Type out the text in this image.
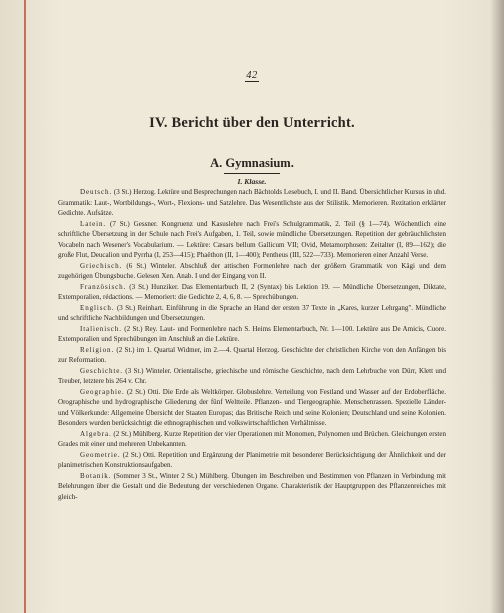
42
IV. Bericht über den Unterricht.
A. Gymnasium.
I. Klasse.

Deutsch. (3 St.) Herzog. Lektüre und Besprechungen nach Bächtolds Lesebuch, I. und II. Band. Übersichtlicher Kursus in uhd. Grammatik: Laut-, Wortbildungs-, Wort-, Flexions- und Satzlehre. Das Wesentlichste aus der Stilistik. Memorieren. Rezitation erklärter Gedichte. Aufsätze.

Latein. (7 St.) Gessner. Kongruenz und Kasuslehre nach Frei's Schulgrammatik, 2. Teil (§ 1—74). Wöchentlich eine schriftliche Übersetzung in der Schule nach Frei's Aufgaben, 1. Teil, sowie mündliche Übersetzungen. Repetition der gebräuchlichsten Vocabeln nach Wesener's Vocabularium. — Lektüre: Cæsars bellum Gallicum VII; Ovid, Metamorphosen: Zeitalter (I, 89—162); die große Flut, Deucalion und Pyrrha (I, 253—415); Phaëthon (II, 1—400); Pentheus (III, 522—733). Memorieren einer Anzahl Verse.

Griechisch. (6 St.) Winteler. Abschluß der attischen Formenlehre nach der größern Grammatik von Kägi und dem zugehörigen Übungsbuche. Gelesen Xen. Anab. I und der Eingang von II.

Französisch. (3 St.) Hunziker. Das Elementarbuch II, 2 (Syntax) bis Lektion 19. — Mündliche Übersetzungen, Diktate, Extemporalien, rédactions. — Memoriert: die Gedichte 2, 4, 6, 8. — Sprechübungen.

Englisch. (3 St.) Reinhart. Einführung in die Sprache an Hand der ersten 37 Texte in „Kares, kurzer Lehrgang". Mündliche und schriftliche Nachbildungen und Übersetzungen.

Italienisch. (2 St.) Rey. Laut- und Formenlehre nach S. Heims Elementarbuch, Nr. 1—100. Lektüre aus De Amicis, Cuore. Extemporalien und Sprechübungen im Anschluß an die Lektüre.

Religion. (2 St.) im 1. Quartal Widmer, im 2.—4. Quartal Herzog. Geschichte der christlichen Kirche von den Anfängen bis zur Reformation.

Geschichte. (3 St.) Winteler. Orientalische, griechische und römische Geschichte, nach dem Lehrbuche von Dürr, Klett und Treuber, letztere bis 264 v. Chr.

Geographie. (2 St.) Otti. Die Erde als Weltkörper. Globuslehre. Verteilung von Festland und Wasser auf der Erdoberfläche. Orographische und hydrographische Gliederung der fünf Weltteile. Pflanzen- und Tiergeographie. Menschenrassen. Spezielle Länder- und Völkerkunde: Allgemeine Übersicht der Staaten Europas; das Britische Reich und seine Kolonien; Deutschland und seine Kolonien. Besonders wurden berücksichtigt die ethnographischen und volkswirtschaftlichen Verhältnisse.

Algebra. (2 St.) Mühlberg. Kurze Repetition der vier Operationen mit Monomen, Polynomen und Brüchen. Gleichungen ersten Grades mit einer und mehreren Unbekannten.

Geometrie. (2 St.) Otti. Repetition und Ergänzung der Planimetrie mit besonderer Berücksichtigung der Ähnlichkeit und der planimetrischen Konstruktionsaufgaben.

Botanik. (Sommer 3 St., Winter 2 St.) Mühlberg. Übungen im Beschreiben und Bestimmen von Pflanzen in Verbindung mit Belehrungen über die Gestalt und die Bedeutung der verschiedenen Organe. Charakteristik der Hauptgruppen des Pflanzenreiches mit gleich-
